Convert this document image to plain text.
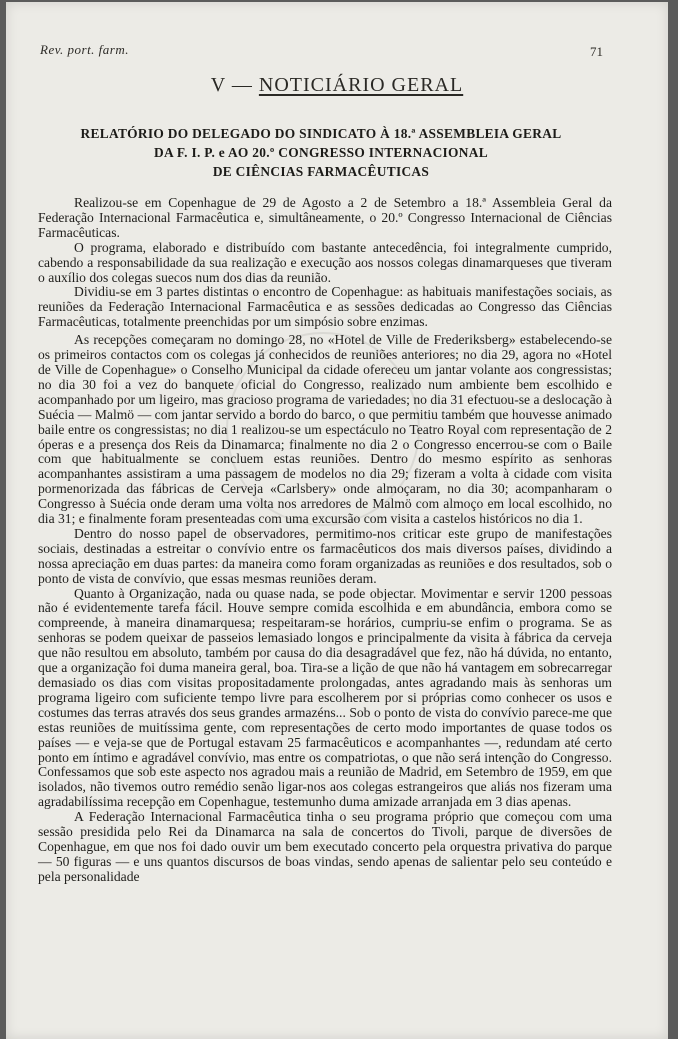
Rev. port. farm.	71
V — NOTICIÁRIO GERAL
RELATÓRIO DO DELEGADO DO SINDICATO À 18.ª ASSEMBLEIA GERAL
DA F. I. P. e AO 20.º CONGRESSO INTERNACIONAL
DE CIÊNCIAS FARMACÊUTICAS

Realizou-se em Copenhague de 29 de Agosto a 2 de Setembro a 18.ª Assembleia Geral da Federação Internacional Farmacêutica e, simultâneamente, o 20.º Congresso Internacional de Ciências Farmacêuticas.

O programa, elaborado e distribuído com bastante antecedência, foi integralmente cumprido, cabendo a responsabilidade da sua realização e execução aos nossos colegas dinamarqueses que tiveram o auxílio dos colegas suecos num dos dias da reunião.

Dividiu-se em 3 partes distintas o encontro de Copenhague: as habituais manifestações sociais, as reuniões da Federação Internacional Farmacêutica e as sessões dedicadas ao Congresso das Ciências Farmacêuticas, totalmente preenchidas por um simpósio sobre enzimas.

As recepções começaram no domingo 28, no «Hotel de Ville de Frederiksberg» estabelecendo-se os primeiros contactos com os colegas já conhecidos de reuniões anteriores; no dia 29, agora no «Hotel de Ville de Copenhague» o Conselho Municipal da cidade ofereceu um jantar volante aos congressistas; no dia 30 foi a vez do banquete oficial do Congresso, realizado num ambiente bem escolhido e acompanhado por um ligeiro, mas gracioso programa de variedades; no dia 31 efectuou-se a deslocação à Suécia — Malmö — com jantar servido a bordo do barco, o que permitiu também que houvesse animado baile entre os congressistas; no dia 1 realizou-se um espectáculo no Teatro Royal com representação de 2 óperas e a presença dos Reis da Dinamarca; finalmente no dia 2 o Congresso encerrou-se com o Baile com que habitualmente se concluem estas reuniões. Dentro do mesmo espírito as senhoras acompanhantes assistiram a uma passagem de modelos no dia 29; fizeram a volta à cidade com visita pormenorizada das fábricas de Cerveja «Carlsbery» onde almoçaram, no dia 30; acompanharam o Congresso à Suécia onde deram uma volta nos arredores de Malmö com almoço em local escolhido, no dia 31; e finalmente foram presenteadas com uma excursão com visita a castelos históricos no dia 1.

Dentro do nosso papel de observadores, permitimo-nos criticar este grupo de manifestações sociais, destinadas a estreitar o convívio entre os farmacêuticos dos mais diversos países, dividindo a nossa apreciação em duas partes: da maneira como foram organizadas as reuniões e dos resultados, sob o ponto de vista de convívio, que essas mesmas reuniões deram.

Quanto à Organização, nada ou quase nada, se pode objectar. Movimentar e servir 1200 pessoas não é evidentemente tarefa fácil. Houve sempre comida escolhida e em abundância, embora como se compreende, à maneira dinamarquesa; respeitaram-se horários, cumpriu-se enfim o programa. Se as senhoras se podem queixar de passeios lemasiado longos e principalmente da visita à fábrica da cerveja que não resultou em absoluto, também por causa do dia desagradável que fez, não há dúvida, no entanto, que a organização foi duma maneira geral, boa. Tira-se a lição de que não há vantagem em sobrecarregar demasiado os dias com visitas propositadamente prolongadas, antes agradando mais às senhoras um programa ligeiro com suficiente tempo livre para escolherem por si próprias como conhecer os usos e costumes das terras através dos seus grandes armazéns... Sob o ponto de vista do convívio parece-me que estas reuniões de muitíssima gente, com representações de certo modo importantes de quase todos os países — e veja-se que de Portugal estavam 25 farmacêuticos e acompanhantes —, redundam até certo ponto em íntimo e agradável convívio, mas entre os compatriotas, o que não será intenção do Congresso. Confessamos que sob este aspecto nos agradou mais a reunião de Madrid, em Setembro de 1959, em que isolados, não tivemos outro remédio senão ligar-nos aos colegas estrangeiros que aliás nos fizeram uma agradabilíssima recepção em Copenhague, testemunho duma amizade arranjada em 3 dias apenas.

A Federação Internacional Farmacêutica tinha o seu programa próprio que começou com uma sessão presidida pelo Rei da Dinamarca na sala de concertos do Tivoli, parque de diversões de Copenhague, em que nos foi dado ouvir um bem executado concerto pela orquestra privativa do parque — 50 figuras — e uns quantos discursos de boas vindas, sendo apenas de salientar pelo seu conteúdo e pela personalidade
